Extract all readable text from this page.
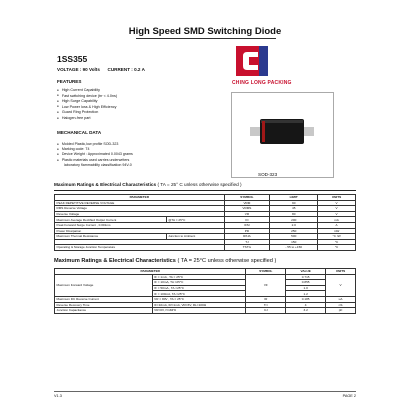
High Speed SMD Switching Diode
1SS355
VOLTAGE : 90 Volts      CURRENT : 0.2 A
FEATURES
● High Current Capability
● Fast switching device (trr < 4.0ns)
● High Surge Capability
● Low Power loss & High Efficiency
● Guard Ring Protection
● Halogen-free part
MECHANICAL DATA
● Molded Plastic,low profile SOD-323
● Marking code: T4
● Device Weight : Approximated 0.0043 grams
● Plastic materials used carries underwriters
laboratory flammability classification 94V-0
CHING LONG PACKING
SOD-323
Maximum Ratings & Electrical Characteristics ( TA = 25° C unless otherwise specified )
PARAMETER		SYMBOL	LIMIT	UNITS
PEAK REPETITIVE REVERSE VOLTAGE		VRM	90	V
RMS Reverse Voltage		VRMS	45	V
Reverse Voltage		VR	80	V
Maximum Average Rectified Output Current	@TA = 25°C	IO	200	mA
Peak Forward Surge Current , 0.001ms		IFM	2.0	A
Power Dissipation		PD	250	mW
Maximum Thermal Resistance	Junction to Ambient	RθJA	500	°C /W
		TJ	150	°C
Operating & Storage Junction Temperature		TSTG	- 55 to +150	°C
Maximum Ratings & Electrical Characteristics ( TA = 25°C unless otherwise specified )
PARAMETER		SYMBOL	VALUE	UNITS
Maximum Forward Voltage	IF = 1mA , TA = 25°C	VF	0.715	V
	IF = 10mA, TA =25°C		0.855	
	IF = 50mA , TA =25°C		1.0	
	IF = 100mA, TA =25°C		1.2	
Maximum DC Reverse Current	VR = 80V , TA = 25°C	IR	0.185	uA
Reverse Recovery Time	IF=10mA, IR=1mA, VR=6V, RL=100Ω	Trr	4	nS
Junction Capacitance	VR=0V, f=1MHz	CJ	3.2	pF
V1.3	PAGE 2
